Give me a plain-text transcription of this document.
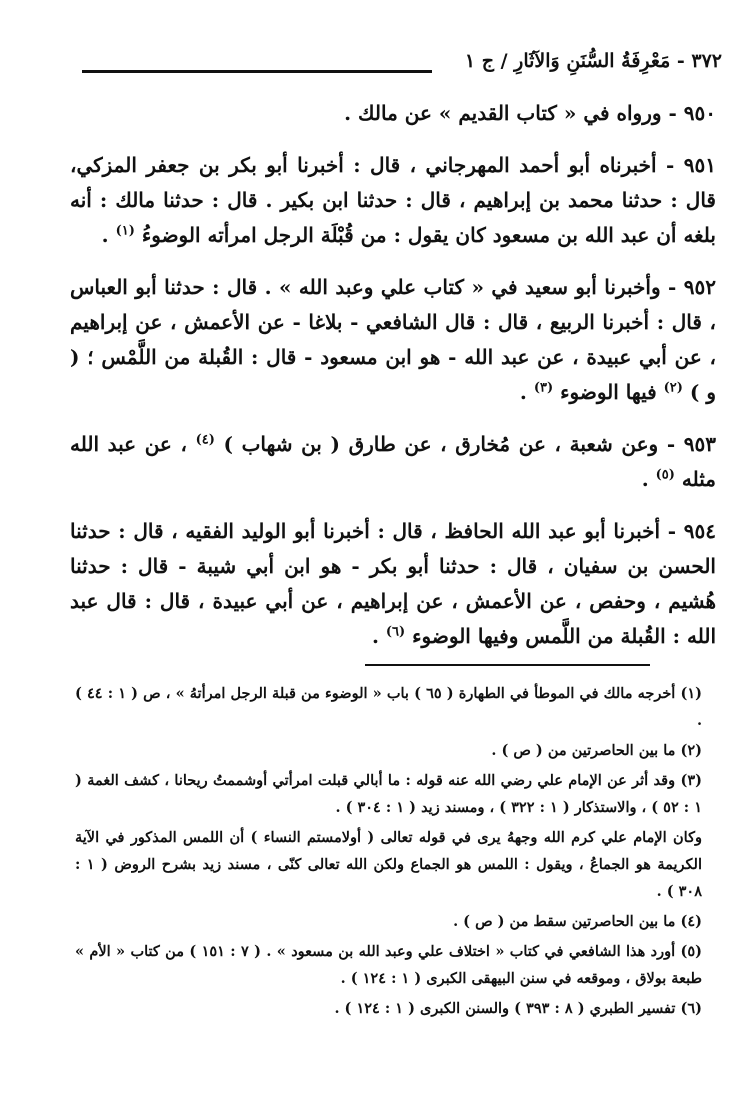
٣٧٢ - مَعْرِفَةُ السُّنَنِ وَالآثَارِ / ج ١

٩٥٠ - ورواه في « كتاب القديم » عن مالك .

٩٥١ - أخبرناه أبو أحمد المهرجاني ، قال : أخبرنا أبو بكر بن جعفر المزكي، قال : حدثنا محمد بن إبراهيم ، قال : حدثنا ابن بكير . قال : حدثنا مالك : أنه بلغه أن عبد الله بن مسعود كان يقول : من قُبْلَة الرجل امرأته الوضوءُ $^{(١)}$ .

٩٥٢ - وأخبرنا أبو سعيد في « كتاب علي وعبد الله » . قال : حدثنا أبو العباس ، قال : أخبرنا الربيع ، قال : قال الشافعي - بلاغا - عن الأعمش ، عن إبراهيم ، عن أبي عبيدة ، عن عبد الله - هو ابن مسعود - قال : القُبلة من اللَّمْس ؛ ( و ) $^{(٢)}$ فيها الوضوء $^{(٣)}$ .

٩٥٣ - وعن شعبة ، عن مُخارق ، عن طارق ( بن شهاب ) $^{(٤)}$ ، عن عبد الله مثله $^{(٥)}$ .

٩٥٤ - أخبرنا أبو عبد الله الحافظ ، قال : أخبرنا أبو الوليد الفقيه ، قال : حدثنا الحسن بن سفيان ، قال : حدثنا أبو بكر - هو ابن أبي شيبة - قال : حدثنا هُشيم ، وحفص ، عن الأعمش ، عن إبراهيم ، عن أبي عبيدة ، قال : قال عبد الله : القُبلة من اللَّمس وفيها الوضوء $^{(٦)}$ .

(١) أخرجه مالك في الموطأ في الطهارة ( ٦٥ ) باب « الوضوء من قبلة الرجل امرأتهُ » ، ص ( ١ : ٤٤ ) .

(٢) ما بين الحاصرتين من ( ص ) .

(٣) وقد أثر عن الإمام علي رضي الله عنه قوله : ما أبالي قبلت امرأتي أوشممتُ ريحانا ، كشف الغمة ( ١ : ٥٢ ) ، والاستذكار ( ١ : ٣٢٢ ) ، ومسند زيد ( ١ : ٣٠٤ ) .

وكان الإمام علي كرم الله وجههُ يرى في قوله تعالى ( أولامستم النساء ) أن اللمس المذكور في الآية الكريمة هو الجماعُ ، ويقول : اللمس هو الجماع ولكن الله تعالى كنّى ، مسند زيد بشرح الروض ( ١ : ٣٠٨ ) .

(٤) ما بين الحاصرتين سقط من ( ص ) .

(٥) أورد هذا الشافعي في كتاب « اختلاف علي وعبد الله بن مسعود » . ( ٧ : ١٥١ ) من كتاب « الأم » طبعة بولاق ، وموقعه في سنن البيهقى الكبرى ( ١ : ١٢٤ ) .

(٦) تفسير الطبري ( ٨ : ٣٩٣ ) والسنن الكبرى ( ١ : ١٢٤ ) .
